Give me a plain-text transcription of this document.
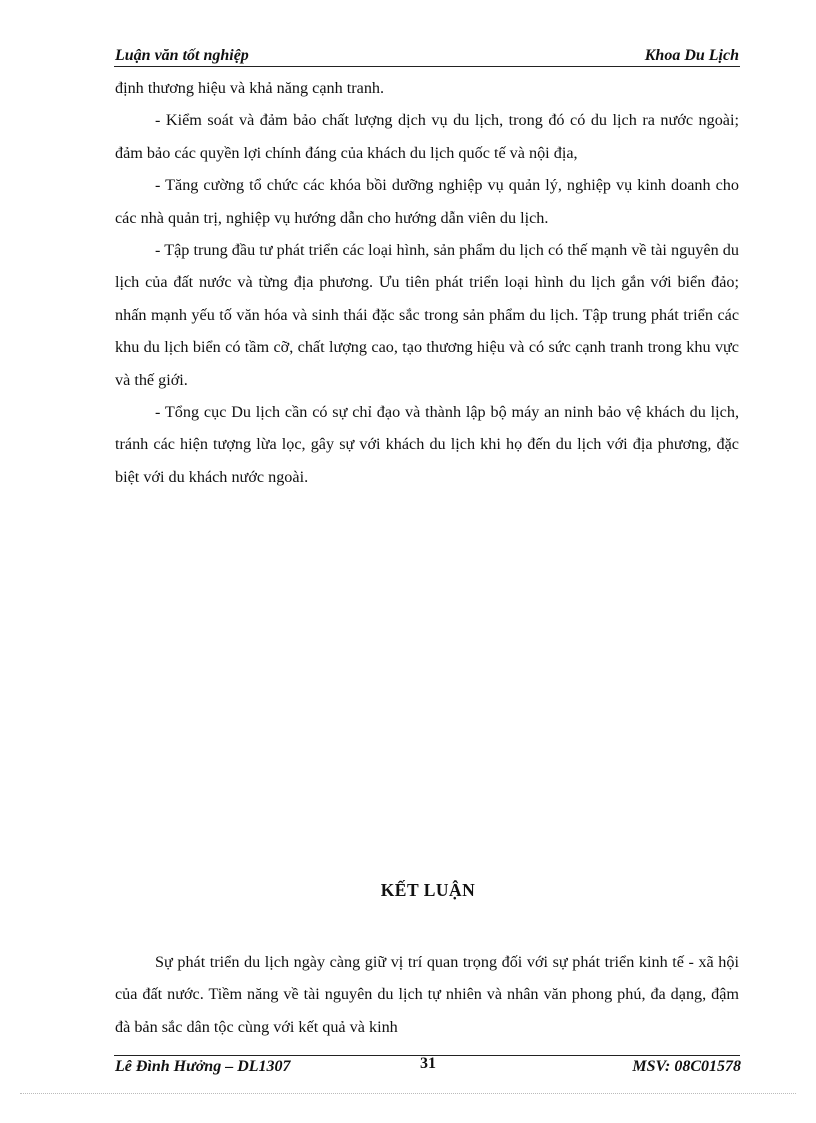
Luận văn tốt nghiệp	Khoa Du Lịch

định thương hiệu và khả năng cạnh tranh.

- Kiểm soát và đảm bảo chất lượng dịch vụ du lịch, trong đó có du lịch ra nước ngoài; đảm bảo các quyền lợi chính đáng của khách du lịch quốc tế và nội địa,

- Tăng cường tổ chức các khóa bồi dưỡng nghiệp vụ quản lý, nghiệp vụ kinh doanh cho các nhà quản trị, nghiệp vụ hướng dẫn cho hướng dẫn viên du lịch.

- Tập trung đầu tư phát triển các loại hình, sản phẩm du lịch có thế mạnh về tài nguyên du lịch của đất nước và từng địa phương. Ưu tiên phát triển loại hình du lịch gắn với biển đảo; nhấn mạnh yếu tố văn hóa và sinh thái đặc sắc trong sản phẩm du lịch. Tập trung phát triển các khu du lịch biển có tầm cỡ, chất lượng cao, tạo thương hiệu và có sức cạnh tranh trong khu vực và thế giới.

- Tổng cục Du lịch cần có sự chỉ đạo và thành lập bộ máy an ninh bảo vệ khách du lịch, tránh các hiện tượng lừa lọc, gây sự với khách du lịch khi họ đến du lịch với địa phương, đặc biệt với du khách nước ngoài.

KẾT LUẬN

Sự phát triển du lịch ngày càng giữ vị trí quan trọng đối với sự phát triển kinh tế - xã hội của đất nước. Tiềm năng về tài nguyên du lịch tự nhiên và nhân văn phong phú, đa dạng, đậm đà bản sắc dân tộc cùng với kết quả và kinh

Lê Đình Hưởng – DL1307	31	MSV: 08C01578
